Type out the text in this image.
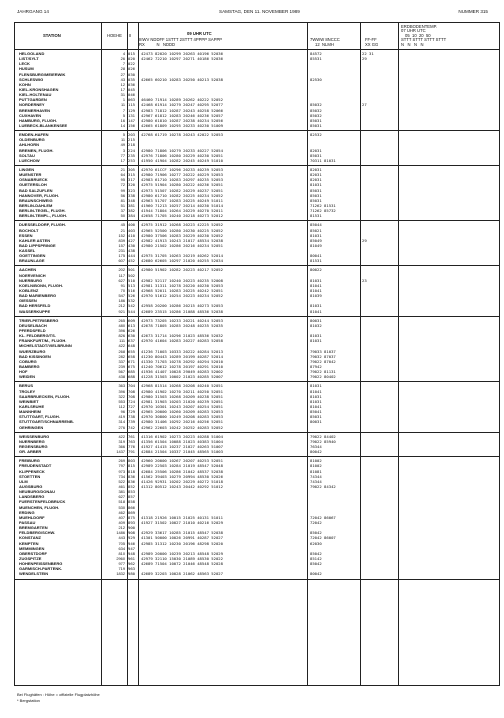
JAHRGANG 14	SAMSTAG, DEN 11. NOVEMBER 1989	NUMMER 315
STATION	HOEHE II	09 UHR UTC
IIIWV NDDFF 1STTT 2STTT 4PPPP SAPPP
RX          N   NDDD
7WWW 8NCCC
12  NLMH
FF-FF
XX GG
ERDBODENTEMP.
07 UHR UTC
05  10  20  50
STTT STTT STTT STTT
N   N   N   N
HELGOLAND	4 015 42473 82020 10299 20263 40196 52036	84572	22 31
LIST/SYLT	26 020 42462 72210 10297 20271 40186 52036	85531	29
LECK	7 022
HUSUM	28 026
FLENSBURG/MEIERWIK	27 030
SCHLESWIG	43 035 42665 60210 10283 20250 40213 52038	82530
KOHN	12 036
KIEL-KRONSHAGEN	17 045
KIEL-HOLTENAU	31 046
PUTTGARDEN	1 063 46460 71914 10289 20262 40222 52052
NORDERNEY	11 115 42468 61914 10279 20247 40295 52077	85032	27
BREMERHAVEN	7 129 42983 71812 10287 20243 40258 52066	85032
CUXHAVEN	5 131 42967 61812 10283 20246 40236 52057	85032
HAMBURG, FLUGH.	16 147 42980 61810 10287 20238 40234 52056	85031
LUEBECK-BLANKENSEE	14 156 42665 61809 10295 20233 40230 51009	85031
EMDEN-HAFEN	5 203 42768 61719 10278 20243 42022 52053	82532
OLDENBURG	11 215
AHLHORN	49 218
BREMEN, FLUGH.	3 224 42980 71806 10279 20233 40227 52054	82031
SOLTAU	77 235 42976 71806 10280 20229 40230 52051	85031
LUECHOW	17 253 41950 41904 10282 20245 40249 51010	70311 81031
LINGEN	21 305 42970 61CCF 10296 20233 40239 52053	82031
MUENSTER	64 315 42980 71906 10277 20222 40229 52053	82031
OSNABRUECK	95 317 42983 61710 10283 20297 40235 52053	82031
GUETERSLOH	72 320 42975 51904 10280 20222 40236 52051	81031
BAD SALZUFLEN	99 323 42973 51507 10282 20229 40237 52051	85031
HANNOVER, FLUGH.	56 338 42980 61710 10282 20225 40234 52052	85031
BRAUNSCHWEIG	81 348 42963 51707 10283 20225 40249 51011	85031
BERLIN-DAHLEM	51 381 41960 71213 10257 20214 40230 51014	71262 81531
BERLIN-TEGEL, FLUGH.	37 382 41944 71804 10264 20229 40270 52011	71262 85732
BERLIN-TEMPL., FLUGH.	50 384 42658 71705 10240 20218 40273 52012	81531
DUESSELDORF, FLUGH.	45 400 42975 31912 10268 20223 42225 52052	85044
BOCHOLT	21 403 42965 52500 10280 20230 40225 52052	85021
ESSEN	152 410 42980 37506 10283 20229 40230 52052	81031
KAHLER ASTEN	839 427 42982 41913 10243 21017 48534 52038	85049	29
BAD LIPPSPRINGE	157 430 42980 21502 10286 20216 40234 52051	81049
KASSEL	231 438
GOETTINGEN	175 444 42975 31705 10263 20219 40262 52014	80041
BRAUNLAGE	607 452 42680 62605 10297 21020 40255 52034	81531
AACHEN	202 501 42980 51902 10282 20223 40217 52052	80022
NOERVENICH	117 502
NUERBURG	627 510 42982 52117 10240 20223 40235 52008	81031	23
KOELN/BONN, FLUGH.	91 513 42981 31311 10278 20220 40230 52053	81041
KOBLENZ	70 516 42968 52011 10283 20225 40242 52051	81041
BAD MARIENBERG	547 526 42970 51612 10254 20223 40234 52052	81039
GIESSEN	186 532
BAD HERSFELD	212 542 42958 20200 10286 20215 40273 52053	81031
WASSERKUPPE	921 544 42689 23515 10286 21088 48536 52038	81041
TRIER-PETRISBERG	265 609 42973 73205 10233 20221 40244 52053	80031
DEUSELBACH	480 613 42678 71805 10285 20248 40235 52035	81032
PFERDSFELD	396 626
KL. FELDBERG/TS.	826 630 42673 31714 10296 21023 48536 52032	81031
FRANKFURT/M., FLUGH.	111 637 42970 41604 10283 20227 40283 52058	81031
MICHELSTADT/VIELBRUNN	422 648
WUERZBURG	268 655 41236 71003 10333 20222 40284 52013	79033 81037
BAD KISSINGEN	282 658 41230 80443 10289 20199 40287 52014	79032 87037
COBURG	337 671 41330 71703 10278 20292 40294 52010	79022 87042
BAMBERG	239 675 41240 70612 10278 20197 40291 52010	87942
HOF	567 685 41936 41407 10028 29049 40283 52002	79022 81131
WEIDEN	438 688 41228 31503 10002 21023 40285 52007	79022 80402
BERUS	363 704 42968 81514 10268 20208 40240 52051	81031
TROLEY	396 708 42980 41902 10270 20211 40250 52051	81041
SAARBRUECKEN, FLUGH.	322 708 42980 31503 10268 20209 40238 52051	81031
WEINBIET	553 724 42981 31903 10203 21020 40239 52051	81031
KARLSRUHE	112 727 42970 10301 10243 20207 40254 52051	81041
MANNHEIM	96 729 42965 20000 10260 20209 40283 52053	85041
STUTTGART, FLUGH.	419 738 42970 30800 10249 20208 40283 52053	85031
STUTTGART/SCHNARRENB.	314 739 42980 31406 10292 20216 40256 52051	80031
OEHRINGEN	276 742 42962 22603 10242 20252 40283 52052
WEISSENBURG	422 761 41316 61902 10273 20223 40288 51004	79022 84402
NUERNBERG	319 763 41356 61504 10088 21023 40383 51004	79022 85940
REGENSBURG	366 776 41927 41415 10237 21027 40263 51007	76344
GR. ARBER	1437 791 42884 21504 10337 21045 48565 51003	80042
FREIBURG	269 803 42960 20000 10267 20207 40253 52051	81002
FREUDENSTADT	797 815 42989 22503 10284 21019 48547 52048	81002
KLIPPENECK	973 818 42684 25506 10286 21042 48537 52038	81081
STOETTEN	734 836 41562 39403 10279 20994 48530 52026	74344
ULM	522 836 41426 92931 10202 20229 40272 51018	74344
AUGSBURG	461 852 41312 80512 10243 20442 40292 51012	79022 84342
NEUBURG/DONAU	381 853
LANDSBERG	627 857
FUERSTENFELDBRUCK	518 858
MUENCHEN, FLUGH.	530 866
ERDING	462 869
MUEHLDORF	407 875 41318 21926 10015 21025 40131 51011	72042 86067
PASSAU	409 893 41927 31502 10027 21010 40216 52029	72042
BREMGARTEN	212 900
FELDBERG/SCHW.	1486 908 42929 33617 10285 21015 48547 52038	85042
KONSTANZ	443 929 41301 50000 10026 20991 40287 52027	72042 86007
KEMPTEN	705 946 42985 31312 10230 20196 48298 52020	62030
MEMMINGEN	634 947
OBERSTDORF	810 948 42989 20000 10239 20213 48548 52029	85042
ZUGSPITZE	2960 961 42979 32110 15030 21089 48530 52022	85142
HOHENPEISSENBERG	977 962 42689 71504 10072 21046 48548 52028	85042
GARMISCH-PARTENK.	719 963
WENDELSTEIN	1832 980 42689 32203 10028 21062 48563 52027	80042
Bei Flughäfen : Höhe = offizielle Flugplatzhöhe
* Bergstation
